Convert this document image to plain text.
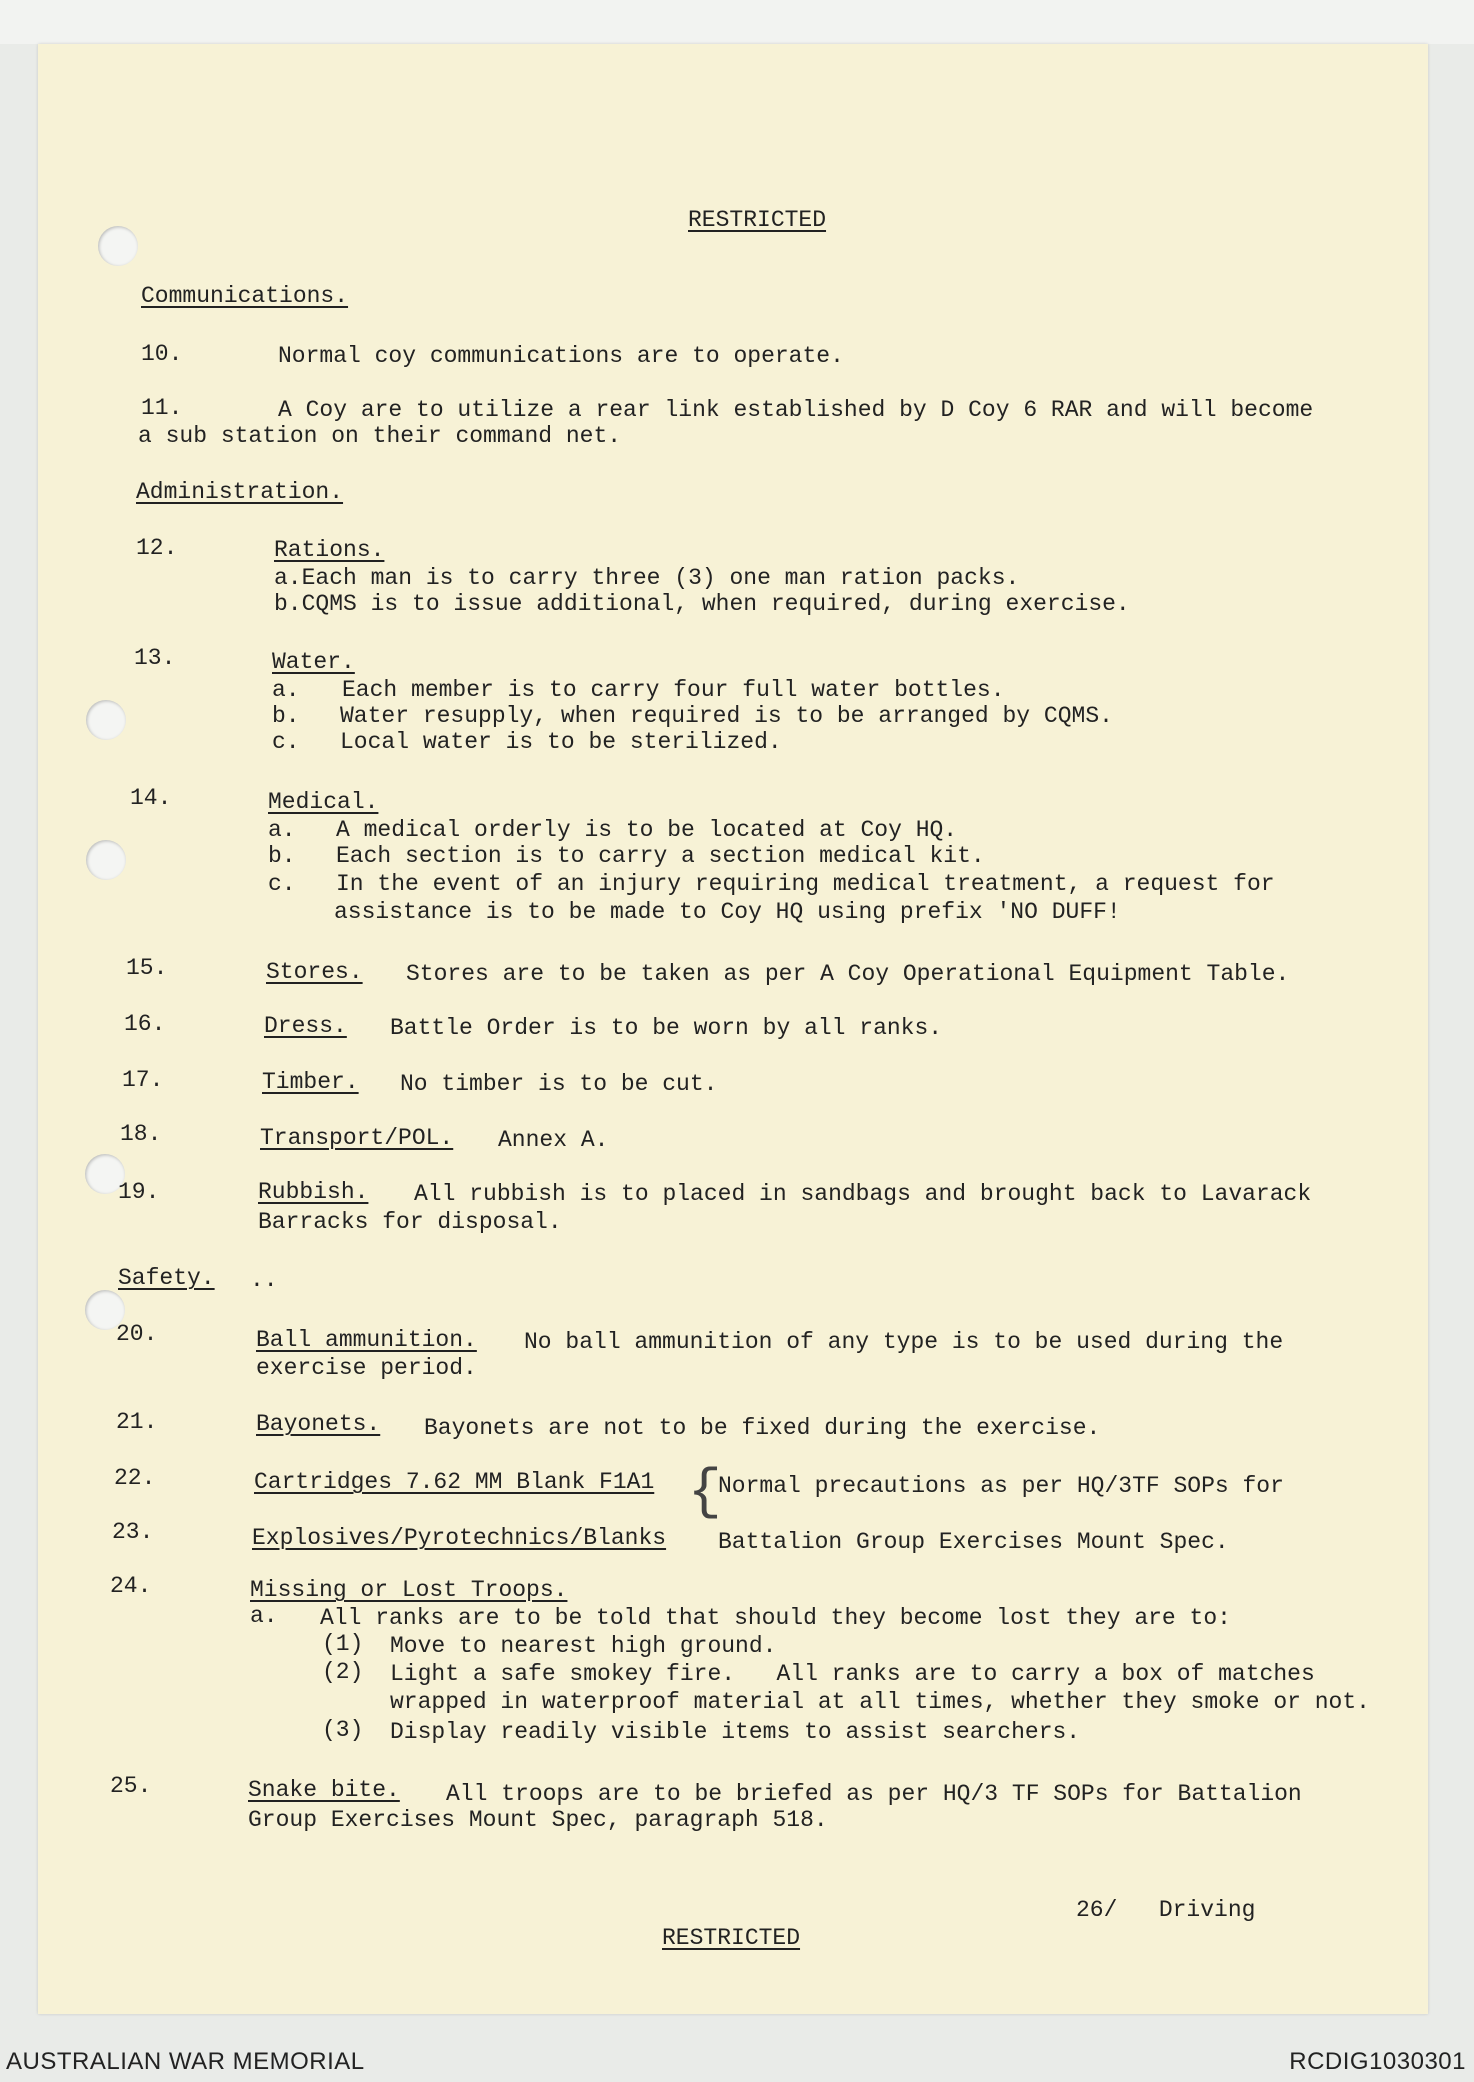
RESTRICTED
Communications.
10.	Normal coy communications are to operate.
11.	A Coy are to utilize a rear link established by D Coy 6 RAR and will become
a sub station on their command net.
Administration.
12.	Rations.
a.Each man is to carry three (3) one man ration packs.
b.CQMS is to issue additional, when required, during exercise.
13.	Water.
a. Each member is to carry four full water bottles.
b. Water resupply, when required is to be arranged by CQMS.
c. Local water is to be sterilized.
14.	Medical.
a. A medical orderly is to be located at Coy HQ.
b. Each section is to carry a section medical kit.
c. In the event of an injury requiring medical treatment, a request for
assistance is to be made to Coy HQ using prefix 'NO DUFF!
15.	Stores. Stores are to be taken as per A Coy Operational Equipment Table.
16.	Dress. Battle Order is to be worn by all ranks.
17.	Timber. No timber is to be cut.
18.	Transport/POL. Annex A.
19.	Rubbish. All rubbish is to placed in sandbags and brought back to Lavarack
Barracks for disposal.
Safety. ..
20.	Ball ammunition. No ball ammunition of any type is to be used during the
exercise period.
21.	Bayonets. Bayonets are not to be fixed during the exercise.
22.	Cartridges 7.62 MM Blank F1A1 {
Normal precautions as per HQ/3TF SOPs for
23.	Explosives/Pyrotechnics/Blanks Battalion Group Exercises Mount Spec.
24.	Missing or Lost Troops.
a. All ranks are to be told that should they become lost they are to:
(1) Move to nearest high ground.
(2) Light a safe smokey fire.   All ranks are to carry a box of matches
wrapped in waterproof material at all times, whether they smoke or not.
(3) Display readily visible items to assist searchers.
25.	Snake bite. All troops are to be briefed as per HQ/3 TF SOPs for Battalion
Group Exercises Mount Spec, paragraph 518.
26/   Driving
RESTRICTED
AUSTRALIAN WAR MEMORIAL	RCDIG1030301
